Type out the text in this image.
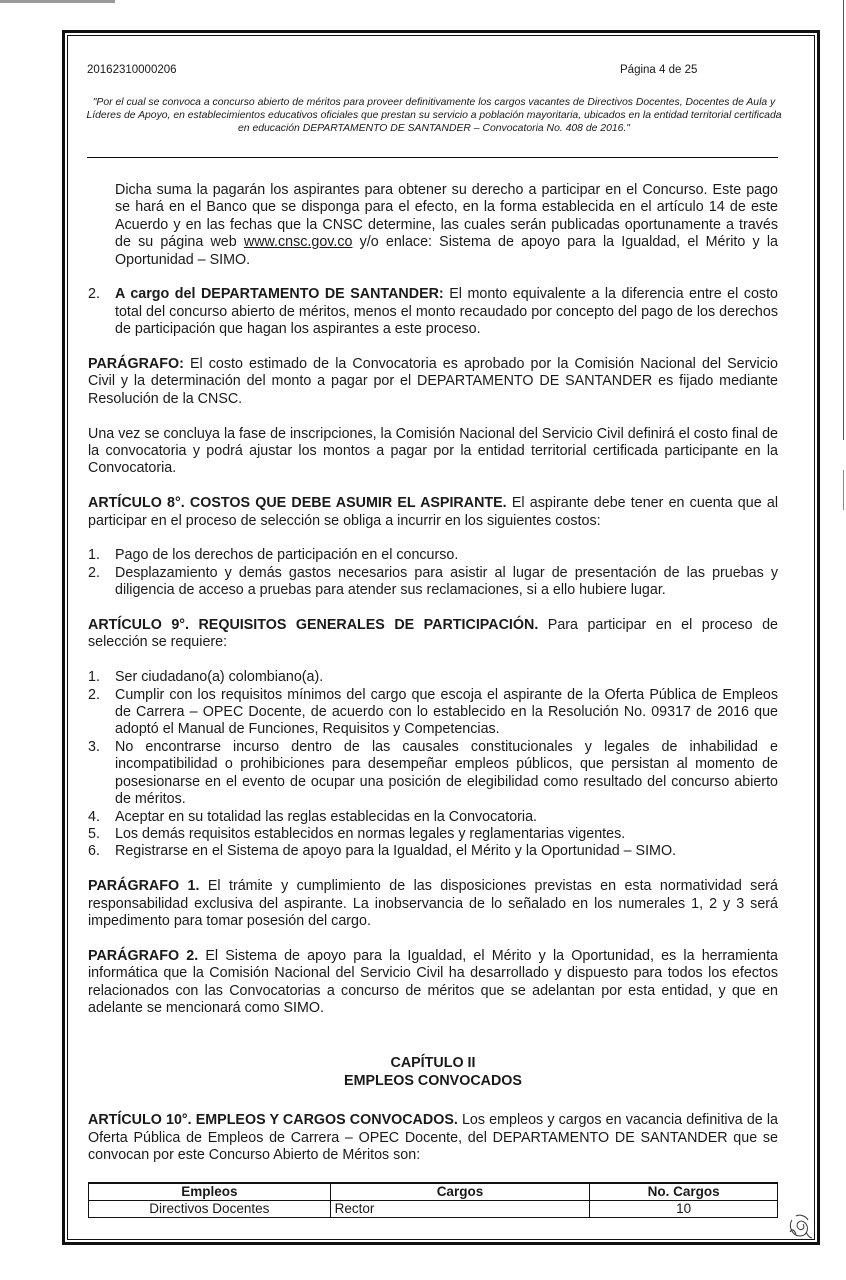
20162310000206	Página 4 de 25
"Por el cual se convoca a concurso abierto de méritos para proveer definitivamente los cargos vacantes de Directivos Docentes, Docentes de Aula y Líderes de Apoyo, en establecimientos educativos oficiales que prestan su servicio a población mayoritaria, ubicados en la entidad territorial certificada en educación DEPARTAMENTO DE SANTANDER – Convocatoria No. 408 de 2016."

Dicha suma la pagarán los aspirantes para obtener su derecho a participar en el Concurso. Este pago se hará en el Banco que se disponga para el efecto, en la forma establecida en el artículo 14 de este Acuerdo y en las fechas que la CNSC determine, las cuales serán publicadas oportunamente a través de su página web www.cnsc.gov.co y/o enlace: Sistema de apoyo para la Igualdad, el Mérito y la Oportunidad – SIMO.

2. A cargo del DEPARTAMENTO DE SANTANDER: El monto equivalente a la diferencia entre el costo total del concurso abierto de méritos, menos el monto recaudado por concepto del pago de los derechos de participación que hagan los aspirantes a este proceso.

PARÁGRAFO: El costo estimado de la Convocatoria es aprobado por la Comisión Nacional del Servicio Civil y la determinación del monto a pagar por el DEPARTAMENTO DE SANTANDER es fijado mediante Resolución de la CNSC.

Una vez se concluya la fase de inscripciones, la Comisión Nacional del Servicio Civil definirá el costo final de la convocatoria y podrá ajustar los montos a pagar por la entidad territorial certificada participante en la Convocatoria.

ARTÍCULO 8°. COSTOS QUE DEBE ASUMIR EL ASPIRANTE. El aspirante debe tener en cuenta que al participar en el proceso de selección se obliga a incurrir en los siguientes costos:

1. Pago de los derechos de participación en el concurso.
2. Desplazamiento y demás gastos necesarios para asistir al lugar de presentación de las pruebas y diligencia de acceso a pruebas para atender sus reclamaciones, si a ello hubiere lugar.

ARTÍCULO 9°. REQUISITOS GENERALES DE PARTICIPACIÓN. Para participar en el proceso de selección se requiere:

1. Ser ciudadano(a) colombiano(a).
2. Cumplir con los requisitos mínimos del cargo que escoja el aspirante de la Oferta Pública de Empleos de Carrera – OPEC Docente, de acuerdo con lo establecido en la Resolución No. 09317 de 2016 que adoptó el Manual de Funciones, Requisitos y Competencias.
3. No encontrarse incurso dentro de las causales constitucionales y legales de inhabilidad e incompatibilidad o prohibiciones para desempeñar empleos públicos, que persistan al momento de posesionarse en el evento de ocupar una posición de elegibilidad como resultado del concurso abierto de méritos.
4. Aceptar en su totalidad las reglas establecidas en la Convocatoria.
5. Los demás requisitos establecidos en normas legales y reglamentarias vigentes.
6. Registrarse en el Sistema de apoyo para la Igualdad, el Mérito y la Oportunidad – SIMO.

PARÁGRAFO 1. El trámite y cumplimiento de las disposiciones previstas en esta normatividad será responsabilidad exclusiva del aspirante. La inobservancia de lo señalado en los numerales 1, 2 y 3 será impedimento para tomar posesión del cargo.

PARÁGRAFO 2. El Sistema de apoyo para la Igualdad, el Mérito y la Oportunidad, es la herramienta informática que la Comisión Nacional del Servicio Civil ha desarrollado y dispuesto para todos los efectos relacionados con las Convocatorias a concurso de méritos que se adelantan por esta entidad, y que en adelante se mencionará como SIMO.

CAPÍTULO II
EMPLEOS CONVOCADOS

ARTÍCULO 10°. EMPLEOS Y CARGOS CONVOCADOS. Los empleos y cargos en vacancia definitiva de la Oferta Pública de Empleos de Carrera – OPEC Docente, del DEPARTAMENTO DE SANTANDER que se convocan por este Concurso Abierto de Méritos son:

Empleos	Cargos	No. Cargos
Directivos Docentes	Rector	10
